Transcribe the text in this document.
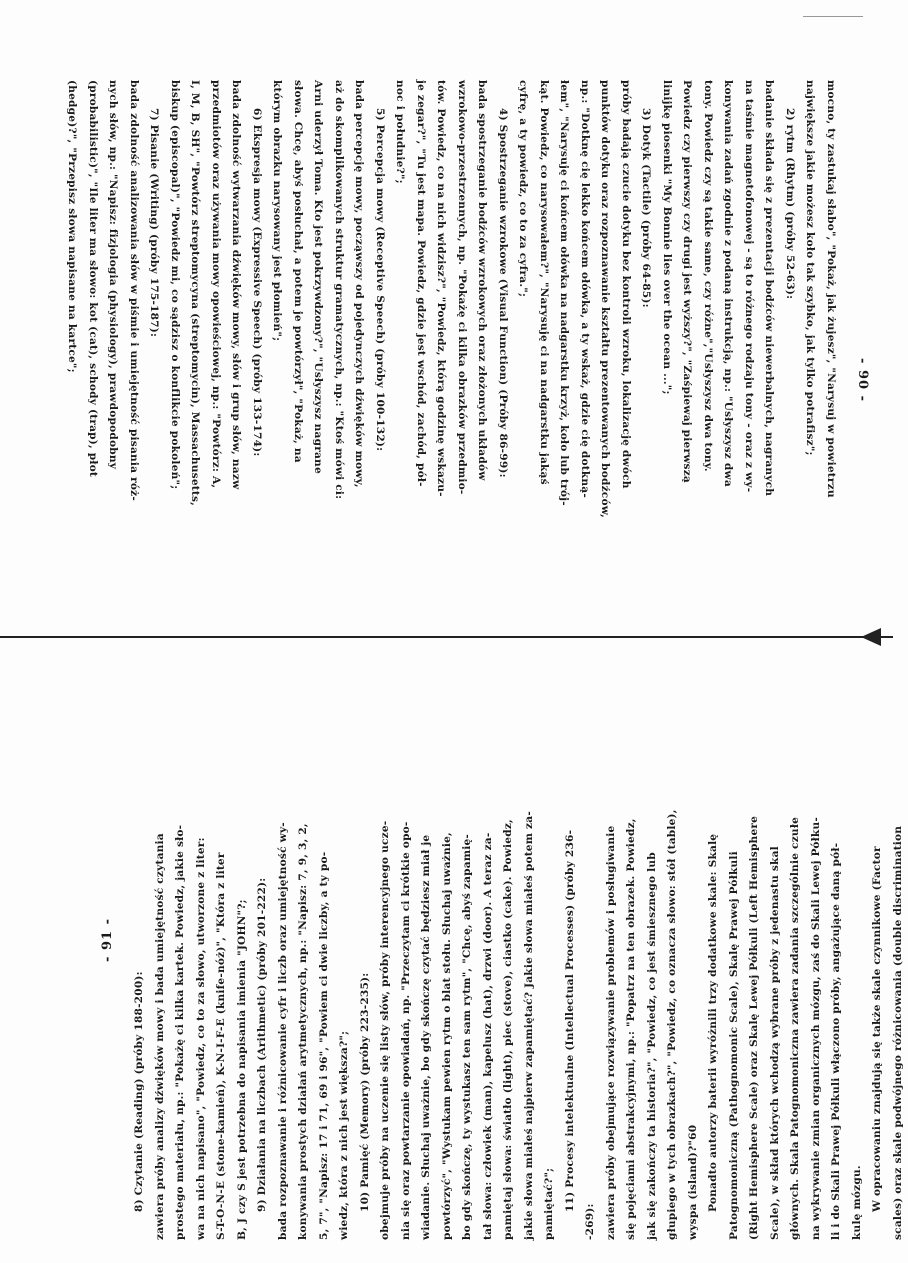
- 90 -
mocno, ty zastukaj słabo", "Pokaż, jak żujesz", "Narysuj w powietrzu
największe jakie możesz koło tak szybko, jak tylko potrafisz";
2) rytm (Rhytm) (próby 52-63):
badanie składa się z prezentacji bodźców niewerbalnych, nagranych
na taśmie magnetofonowej - są to różnego rodzaju tony - oraz z wy-
konywania zadań zgodnie z podaną instrukcją, np.: "Usłyszysz dwa
tony. Powiedz czy są takie same, czy różne","Usłyszysz dwa tony.
Powiedz czy pierwszy czy drugi jest wyższy?", "Zaśpiewaj pierwszą
linijkę piosenki "My Bonnie lies over the ocean ...";
3) Dotyk (Tactile) (próby 64-85):
próby badają czucie dotyku bez kontroli wzroku, lokalizację dwóch
punktów dotyku oraz rozpoznawanie kształtu prezentowanych bodźców,
np.: "Dotknę cię lekko końcem ołówka, a ty wskaż, gdzie cię dotkną-
łem", "Narysuję ci końcem ołówka na nadgarstku krzyż, koło lub trój-
kąt. Powiedz, co narysowałem?", "Narysuję ci na nadgarstku jakąś
cyfrę, a ty powiedz, co to za cyfra.";
4) Spostrzeganie wzrokowe (Visual Function) (Próby 86-99):
bada spostrzeganie bodźców wzrokowych oraz złożonych układów
wzrokowo-przestrzennych, np. "Pokażę ci kilka obrazków przedmio-
tów. Powiedz, co na nich widzisz?", "Powiedz, którą godzinę wskazu-
je zegar?", "Tu jest mapa. Powiedz, gdzie jest wschód, zachód, pół-
noc i południe?";
5) Percepcja mowy (Receptive Speech) (próby 100-132):
bada percepcję mowy, począwszy od pojedynczych dźwięków mowy,
aż do skomplikowanych struktur gramatycznych, np.: "Ktoś mówi ci:
Arni uderzył Toma. Kto jest pokrzywdzony?", "Usłyszysz nagrane
słowa. Chcę, abyś posłuchał, a potem je powtórzył", "Pokaż, na
którym obrazku narysowany jest płomień";
6) Ekspresja mowy (Expressive Speech) (próby 133-174):
bada zdolność wytwarzania dźwięków mowy, słów i grup słów, nazw
przedmiotów oraz używania mowy opowieściowej, np.: "Powtórz: A,
I, M, B, SH", "Powtórz streptomycyna (streptomycin), Massachusetts,
biskup (episcopal)", "Powiedz mi, co sądzisz o konflikcie pokoleń";
7) Pisanie (Writing) (próby 175-187):
bada zdolność analizowania słów w piśmie i umiejętność pisania róż-
nych słów, np.: "Napisz: fizjologia (physiology), prawdopodobny
(probabilistic)", "Ile liter ma słowo: kot (cat), schody (trap), płot
(hedge)?", "Przepisz słowa napisane na kartce";
- 91 -
8) Czytanie (Reading) (próby 188-200): zawiera próby analizy dźwięków mowy i bada umiejętność czytania prostego materiału, np.: "Pokażę ci kilka kartek. Powiedz, jakie sło- wa na nich napisano", "Powiedz, co to za słowo, utworzone z liter: S-T-O-N-E (stone-kamień), K-N-I-F-E (knife-nóż)", "Która z liter B, J czy S jest potrzebna do napisania imienia "JOHN"?; 9) Działania na liczbach (Arithmetic) (próby 201-222): bada rozpoznawanie i różnicowanie cyfr i liczb oraz umiejętność wy- konywania prostych działań arytmetycznych, np.: "Napisz: 7, 9, 3, 2, 5, 7", "Napisz: 17 i 71, 69 i 96", "Powiem ci dwie liczby, a ty po- wiedz, która z nich jest większa?"; 10) Pamięć (Memory) (próby 223-235): obejmuje próby na uczenie się listy słów, próby interencyjnego ucze- nia się oraz powtarzanie opowiadań, np. "Przeczytam ci krótkie opo- wiadanie. Słuchaj uważnie, bo gdy skończę czytać będziesz miał je powtórzyć", "Wystukam pewien rytm o blat stołu. Słuchaj uważnie, bo gdy skończę, ty wystukasz ten sam rytm", "Chcę, abyś zapamię- tał słowa: człowiek (man), kapelusz (hat), drzwi (door). A teraz za- pamiętaj słowa: światło (light), piec (stove), ciastko (cake). Powiedz, jakie słowa miałeś najpierw zapamiętać? Jakie słowa miałeś potem za- pamiętać?"; 11) Procesy intelektualne (Intellectual Processes) (próby 236-
-269): zawiera próby obejmujące rozwiązywanie problemów i posługiwanie się pojęciami abstrakcyjnymi, np.: "Popatrz na ten obrazek. Powiedz, jak się zakończy ta historia?", "Powiedz, co jest śmiesznego lub głupiego w tych obrazkach?", "Powiedz, co oznacza słowo: stół (table), wyspa (island)?"60 Ponadto autorzy baterii wyróżnili trzy dodatkowe skale: Skalę Patognomoniczną (Pathognomonic Scale), Skalę Prawej Półkuli (Right Hemisphere Scale) oraz Skalę Lewej Półkuli (Left Hemisphere Scale), w skład których wchodzą wybrane próby z jedenastu skal głównych. Skala Patognomoniczna zawiera zadania szczególnie czułe na wykrywanie zmian organicznych mózgu, zaś do Skali Lewej Półku- li i do Skali Prawej Półkuli włączono próby, angażujące daną pół- kulę mózgu. W opracowaniu znajdują się także skale czynnikowe (Factor scales) oraz skale podwójnego różnicowania (double discrimination
